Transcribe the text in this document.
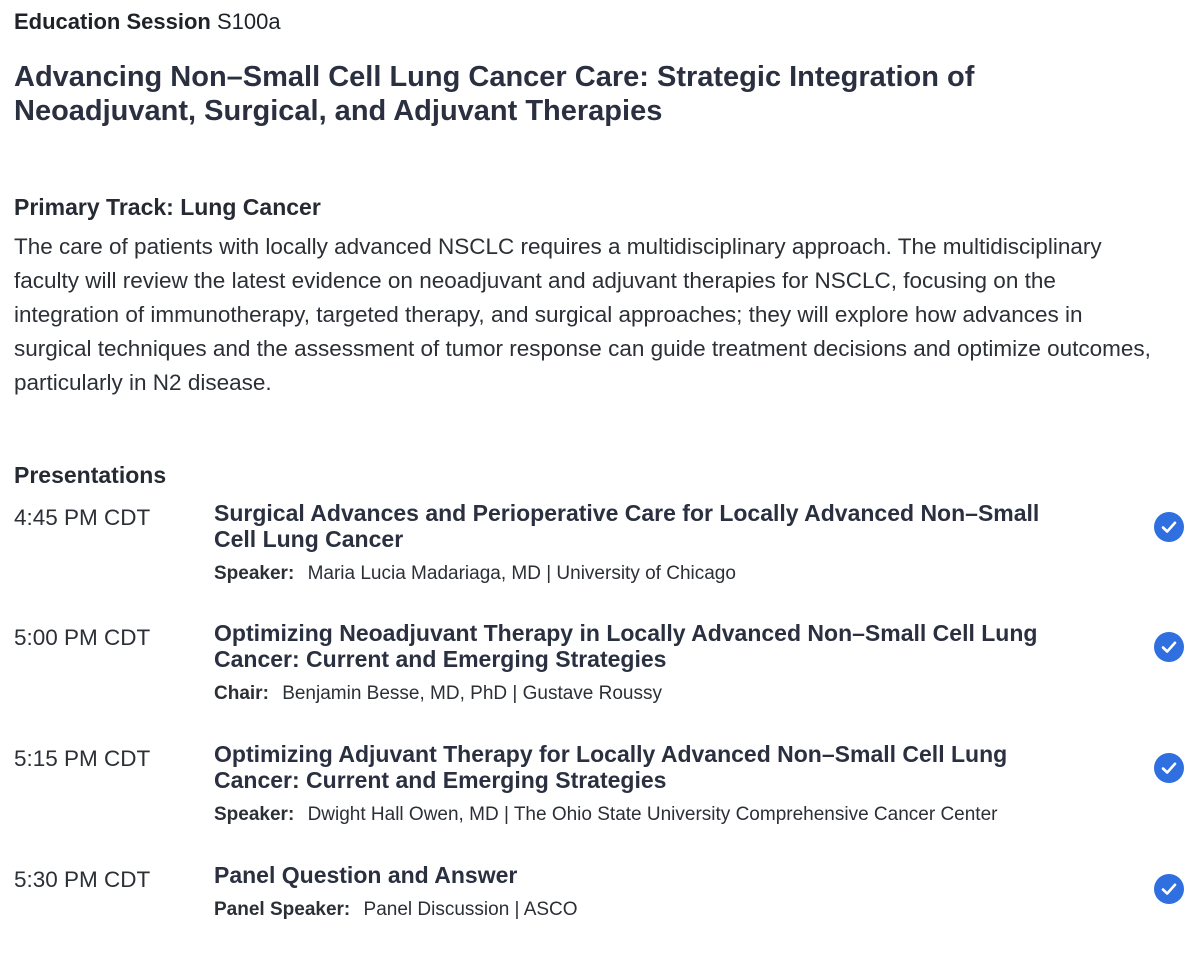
Education Session S100a
Advancing Non–Small Cell Lung Cancer Care: Strategic Integration of Neoadjuvant, Surgical, and Adjuvant Therapies
Primary Track: Lung Cancer

The care of patients with locally advanced NSCLC requires a multidisciplinary approach. The multidisciplinary faculty will review the latest evidence on neoadjuvant and adjuvant therapies for NSCLC, focusing on the integration of immunotherapy, targeted therapy, and surgical approaches; they will explore how advances in surgical techniques and the assessment of tumor response can guide treatment decisions and optimize outcomes, particularly in N2 disease.

Presentations
4:45 PM CDT	Surgical Advances and Perioperative Care for Locally Advanced Non–Small Cell Lung Cancer
Speaker: Maria Lucia Madariaga, MD | University of Chicago
5:00 PM CDT	Optimizing Neoadjuvant Therapy in Locally Advanced Non–Small Cell Lung Cancer: Current and Emerging Strategies
Chair: Benjamin Besse, MD, PhD | Gustave Roussy
5:15 PM CDT	Optimizing Adjuvant Therapy for Locally Advanced Non–Small Cell Lung Cancer: Current and Emerging Strategies
Speaker: Dwight Hall Owen, MD | The Ohio State University Comprehensive Cancer Center
5:30 PM CDT	Panel Question and Answer
Panel Speaker: Panel Discussion | ASCO
